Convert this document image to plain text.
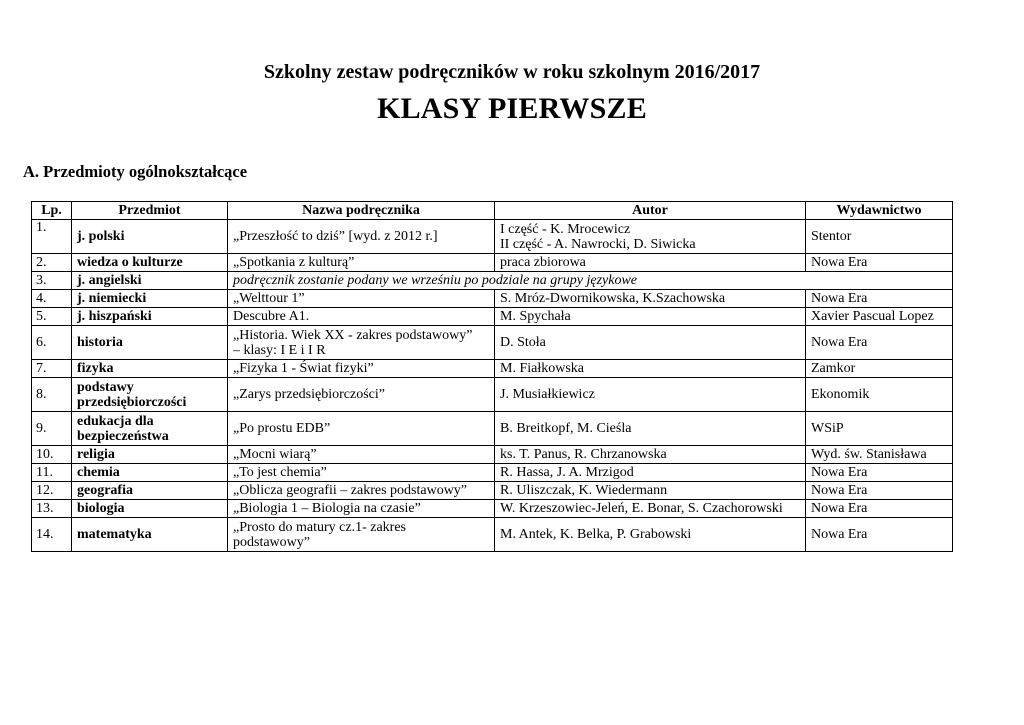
Szkolny zestaw podręczników w roku szkolnym 2016/2017
KLASY PIERWSZE
A. Przedmioty ogólnokształcące
Lp.	Przedmiot	Nazwa podręcznika	Autor	Wydawnictwo
1.	j. polski	„Przeszłość to dziś” [wyd. z 2012 r.]	I część - K. Mrocewicz
II część - A. Nawrocki, D. Siwicka	Stentor
2.	wiedza o kulturze	„Spotkania z kulturą”	praca zbiorowa	Nowa Era
3.	j. angielski	podręcznik zostanie podany we wrześniu po podziale na grupy językowe		
4.	j. niemiecki	„Welttour 1”	S. Mróz-Dwornikowska, K.Szachowska	Nowa Era
5.	j. hiszpański	Descubre A1.	M. Spychała	Xavier Pascual Lopez
6.	historia	„Historia. Wiek XX - zakres podstawowy”
– klasy: I E i I R	D. Stoła	Nowa Era
7.	fizyka	„Fizyka 1 - Świat fizyki”	M. Fiałkowska	Zamkor
8.	podstawy
przedsiębiorczości	„Zarys przedsiębiorczości”	J. Musiałkiewicz	Ekonomik
9.	edukacja dla
bezpieczeństwa	„Po prostu EDB”	B. Breitkopf, M. Cieśla	WSiP
10.	religia	„Mocni wiarą”	ks. T. Panus, R. Chrzanowska	Wyd. św. Stanisława
11.	chemia	„To jest chemia”	R. Hassa, J. A. Mrzigod	Nowa Era
12.	geografia	„Oblicza geografii – zakres podstawowy”	R. Uliszczak, K. Wiedermann	Nowa Era
13.	biologia	„Biologia 1 – Biologia na czasie”	W. Krzeszowiec-Jeleń, E. Bonar, S. Czachorowski	Nowa Era
14.	matematyka	„Prosto do matury cz.1- zakres
podstawowy”	M. Antek, K. Belka, P. Grabowski	Nowa Era
